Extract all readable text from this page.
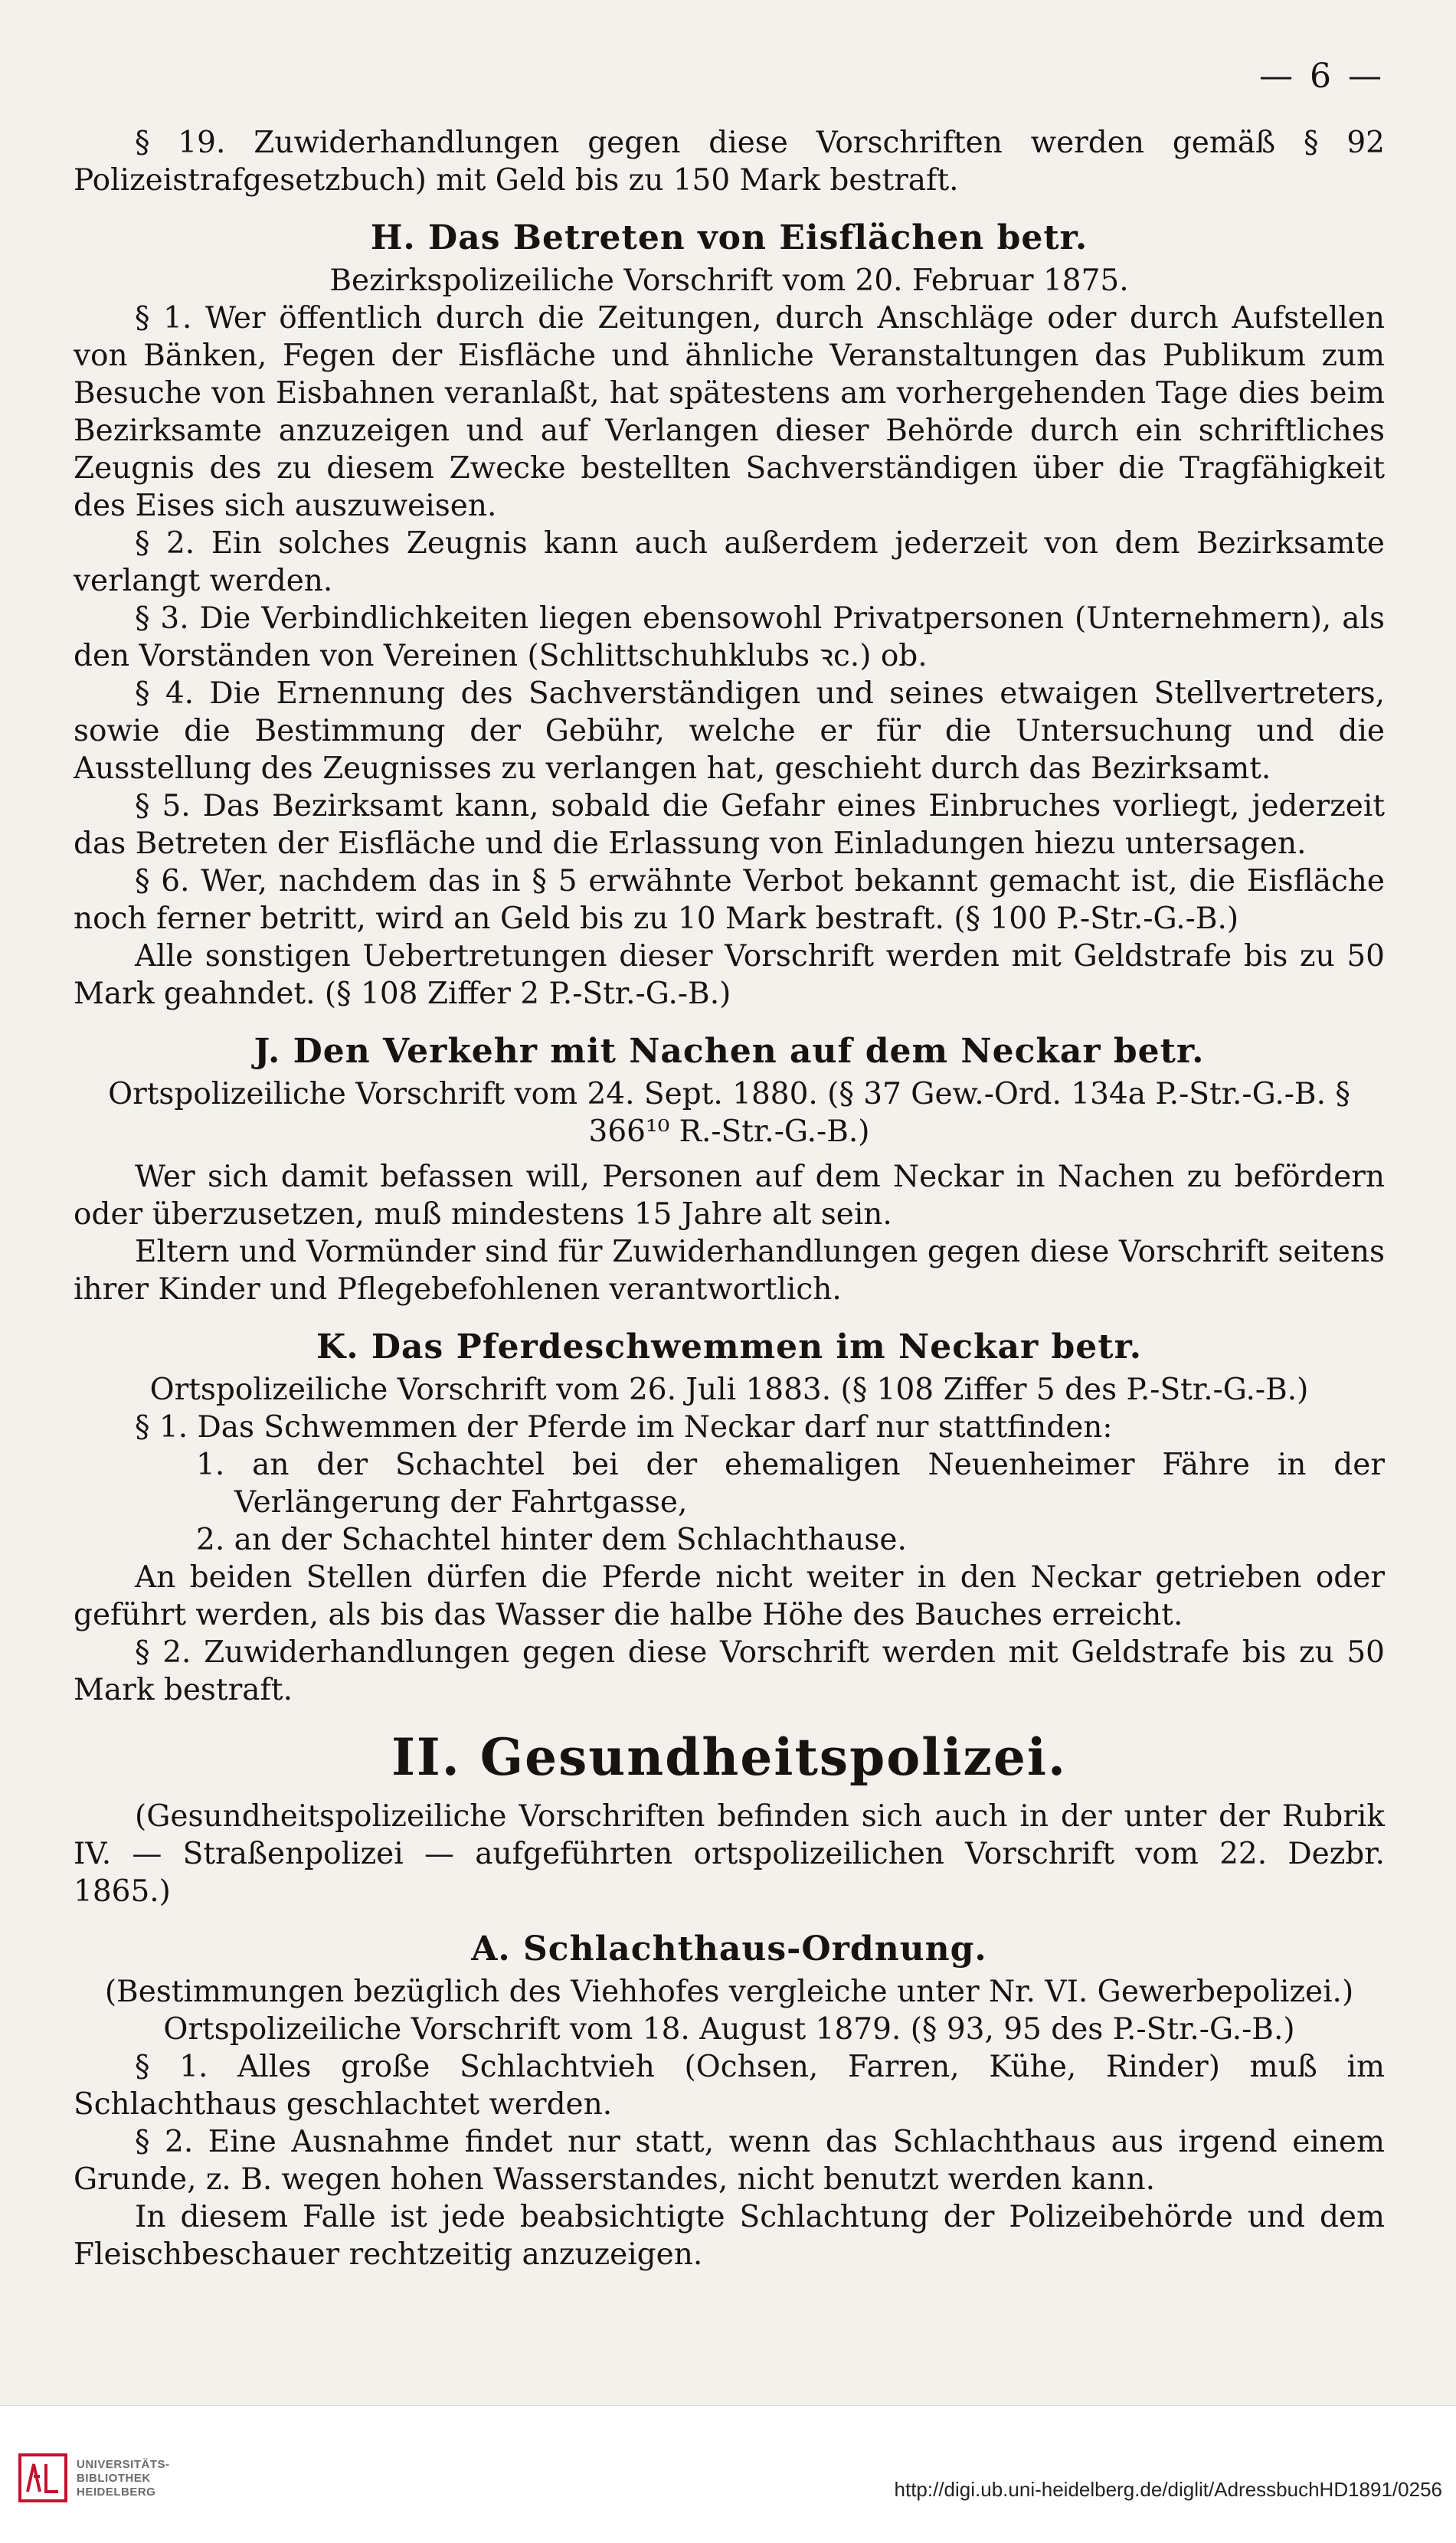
— 6 —

§ 19. Zuwiderhandlungen gegen diese Vorschriften werden gemäß § 92 Polizeistrafgesetzbuch) mit Geld bis zu 150 Mark bestraft.

H. Das Betreten von Eisflächen betr.

Bezirkspolizeiliche Vorschrift vom 20. Februar 1875.

§ 1. Wer öffentlich durch die Zeitungen, durch Anschläge oder durch Aufstellen von Bänken, Fegen der Eisfläche und ähnliche Veranstaltungen das Publikum zum Besuche von Eisbahnen veranlaßt, hat spätestens am vorhergehenden Tage dies beim Bezirksamte anzuzeigen und auf Verlangen dieser Behörde durch ein schriftliches Zeugnis des zu diesem Zwecke bestellten Sachverständigen über die Tragfähigkeit des Eises sich auszuweisen.

§ 2. Ein solches Zeugnis kann auch außerdem jederzeit von dem Bezirksamte verlangt werden.

§ 3. Die Verbindlichkeiten liegen ebensowohl Privatpersonen (Unternehmern), als den Vorständen von Vereinen (Schlittschuhklubs ꝛc.) ob.

§ 4. Die Ernennung des Sachverständigen und seines etwaigen Stellvertreters, sowie die Bestimmung der Gebühr, welche er für die Untersuchung und die Ausstellung des Zeugnisses zu verlangen hat, geschieht durch das Bezirksamt.

§ 5. Das Bezirksamt kann, sobald die Gefahr eines Einbruches vorliegt, jederzeit das Betreten der Eisfläche und die Erlassung von Einladungen hiezu untersagen.

§ 6. Wer, nachdem das in § 5 erwähnte Verbot bekannt gemacht ist, die Eisfläche noch ferner betritt, wird an Geld bis zu 10 Mark bestraft. (§ 100 P.-Str.-G.-B.)

Alle sonstigen Uebertretungen dieser Vorschrift werden mit Geldstrafe bis zu 50 Mark geahndet. (§ 108 Ziffer 2 P.-Str.-G.-B.)

J. Den Verkehr mit Nachen auf dem Neckar betr.

Ortspolizeiliche Vorschrift vom 24. Sept. 1880. (§ 37 Gew.-Ord. 134a P.-Str.-G.-B. § 366¹⁰ R.-Str.-G.-B.)

Wer sich damit befassen will, Personen auf dem Neckar in Nachen zu befördern oder überzusetzen, muß mindestens 15 Jahre alt sein.

Eltern und Vormünder sind für Zuwiderhandlungen gegen diese Vorschrift seitens ihrer Kinder und Pflegebefohlenen verantwortlich.

K. Das Pferdeschwemmen im Neckar betr.

Ortspolizeiliche Vorschrift vom 26. Juli 1883. (§ 108 Ziffer 5 des P.-Str.-G.-B.)

§ 1. Das Schwemmen der Pferde im Neckar darf nur stattfinden:

1. an der Schachtel bei der ehemaligen Neuenheimer Fähre in der Verlängerung der Fahrtgasse,

2. an der Schachtel hinter dem Schlachthause.

An beiden Stellen dürfen die Pferde nicht weiter in den Neckar getrieben oder geführt werden, als bis das Wasser die halbe Höhe des Bauches erreicht.

§ 2. Zuwiderhandlungen gegen diese Vorschrift werden mit Geldstrafe bis zu 50 Mark bestraft.

II. Gesundheitspolizei.

(Gesundheitspolizeiliche Vorschriften befinden sich auch in der unter der Rubrik IV. — Straßenpolizei — aufgeführten ortspolizeilichen Vorschrift vom 22. Dezbr. 1865.)

A. Schlachthaus-Ordnung.

(Bestimmungen bezüglich des Viehhofes vergleiche unter Nr. VI. Gewerbepolizei.)

Ortspolizeiliche Vorschrift vom 18. August 1879. (§ 93, 95 des P.-Str.-G.-B.)

§ 1. Alles große Schlachtvieh (Ochsen, Farren, Kühe, Rinder) muß im Schlachthaus geschlachtet werden.

§ 2. Eine Ausnahme findet nur statt, wenn das Schlachthaus aus irgend einem Grunde, z. B. wegen hohen Wasserstandes, nicht benutzt werden kann.

In diesem Falle ist jede beabsichtigte Schlachtung der Polizeibehörde und dem Fleischbeschauer rechtzeitig anzuzeigen.

UNIVERSITÄTS-
BIBLIOTHEK
HEIDELBERG	http://digi.ub.uni-heidelberg.de/diglit/AdressbuchHD1891/0256
